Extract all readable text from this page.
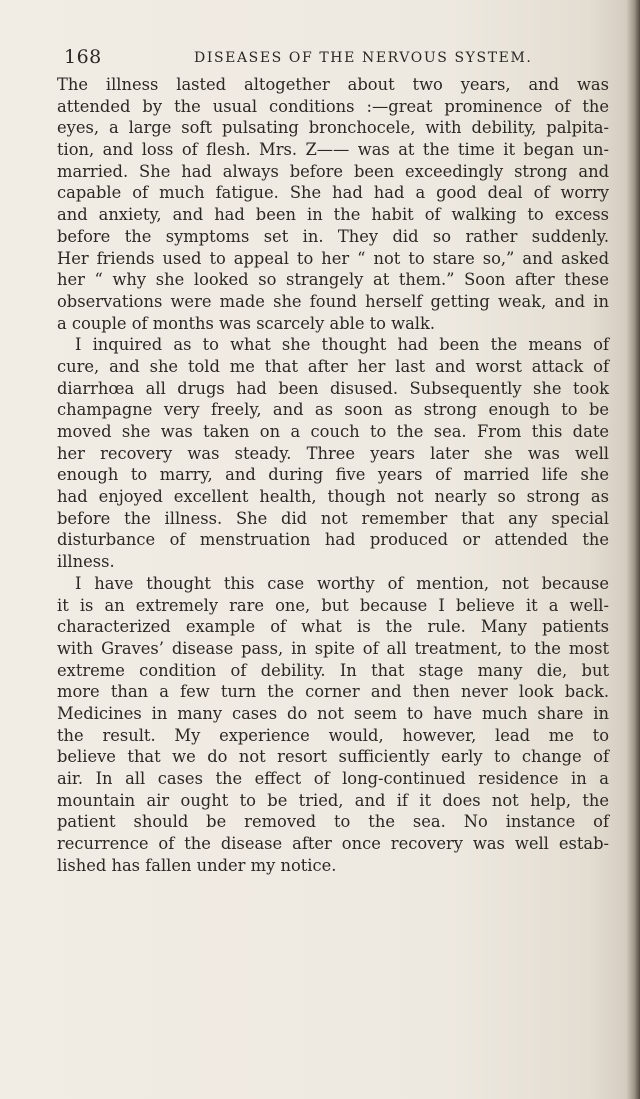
168	DISEASES OF THE NERVOUS SYSTEM.
The illness lasted altogether about two years, and was
attended by the usual conditions :—great prominence of the
eyes, a large soft pulsating bronchocele, with debility, palpita-
tion, and loss of flesh. Mrs. Z—— was at the time it began un-
married. She had always before been exceedingly strong and
capable of much fatigue. She had had a good deal of worry
and anxiety, and had been in the habit of walking to excess
before the symptoms set in. They did so rather suddenly.
Her friends used to appeal to her “ not to stare so,” and asked
her “ why she looked so strangely at them.” Soon after these
observations were made she found herself getting weak, and in
a couple of months was scarcely able to walk.
I inquired as to what she thought had been the means of
cure, and she told me that after her last and worst attack of
diarrhœa all drugs had been disused. Subsequently she took
champagne very freely, and as soon as strong enough to be
moved she was taken on a couch to the sea. From this date
her recovery was steady. Three years later she was well
enough to marry, and during five years of married life she
had enjoyed excellent health, though not nearly so strong as
before the illness. She did not remember that any special
disturbance of menstruation had produced or attended the
illness.
I have thought this case worthy of mention, not because
it is an extremely rare one, but because I believe it a well-
characterized example of what is the rule. Many patients
with Graves’ disease pass, in spite of all treatment, to the most
extreme condition of debility. In that stage many die, but
more than a few turn the corner and then never look back.
Medicines in many cases do not seem to have much share in
the result. My experience would, however, lead me to
believe that we do not resort sufficiently early to change of
air. In all cases the effect of long-continued residence in a
mountain air ought to be tried, and if it does not help, the
patient should be removed to the sea. No instance of
recurrence of the disease after once recovery was well estab-
lished has fallen under my notice.
